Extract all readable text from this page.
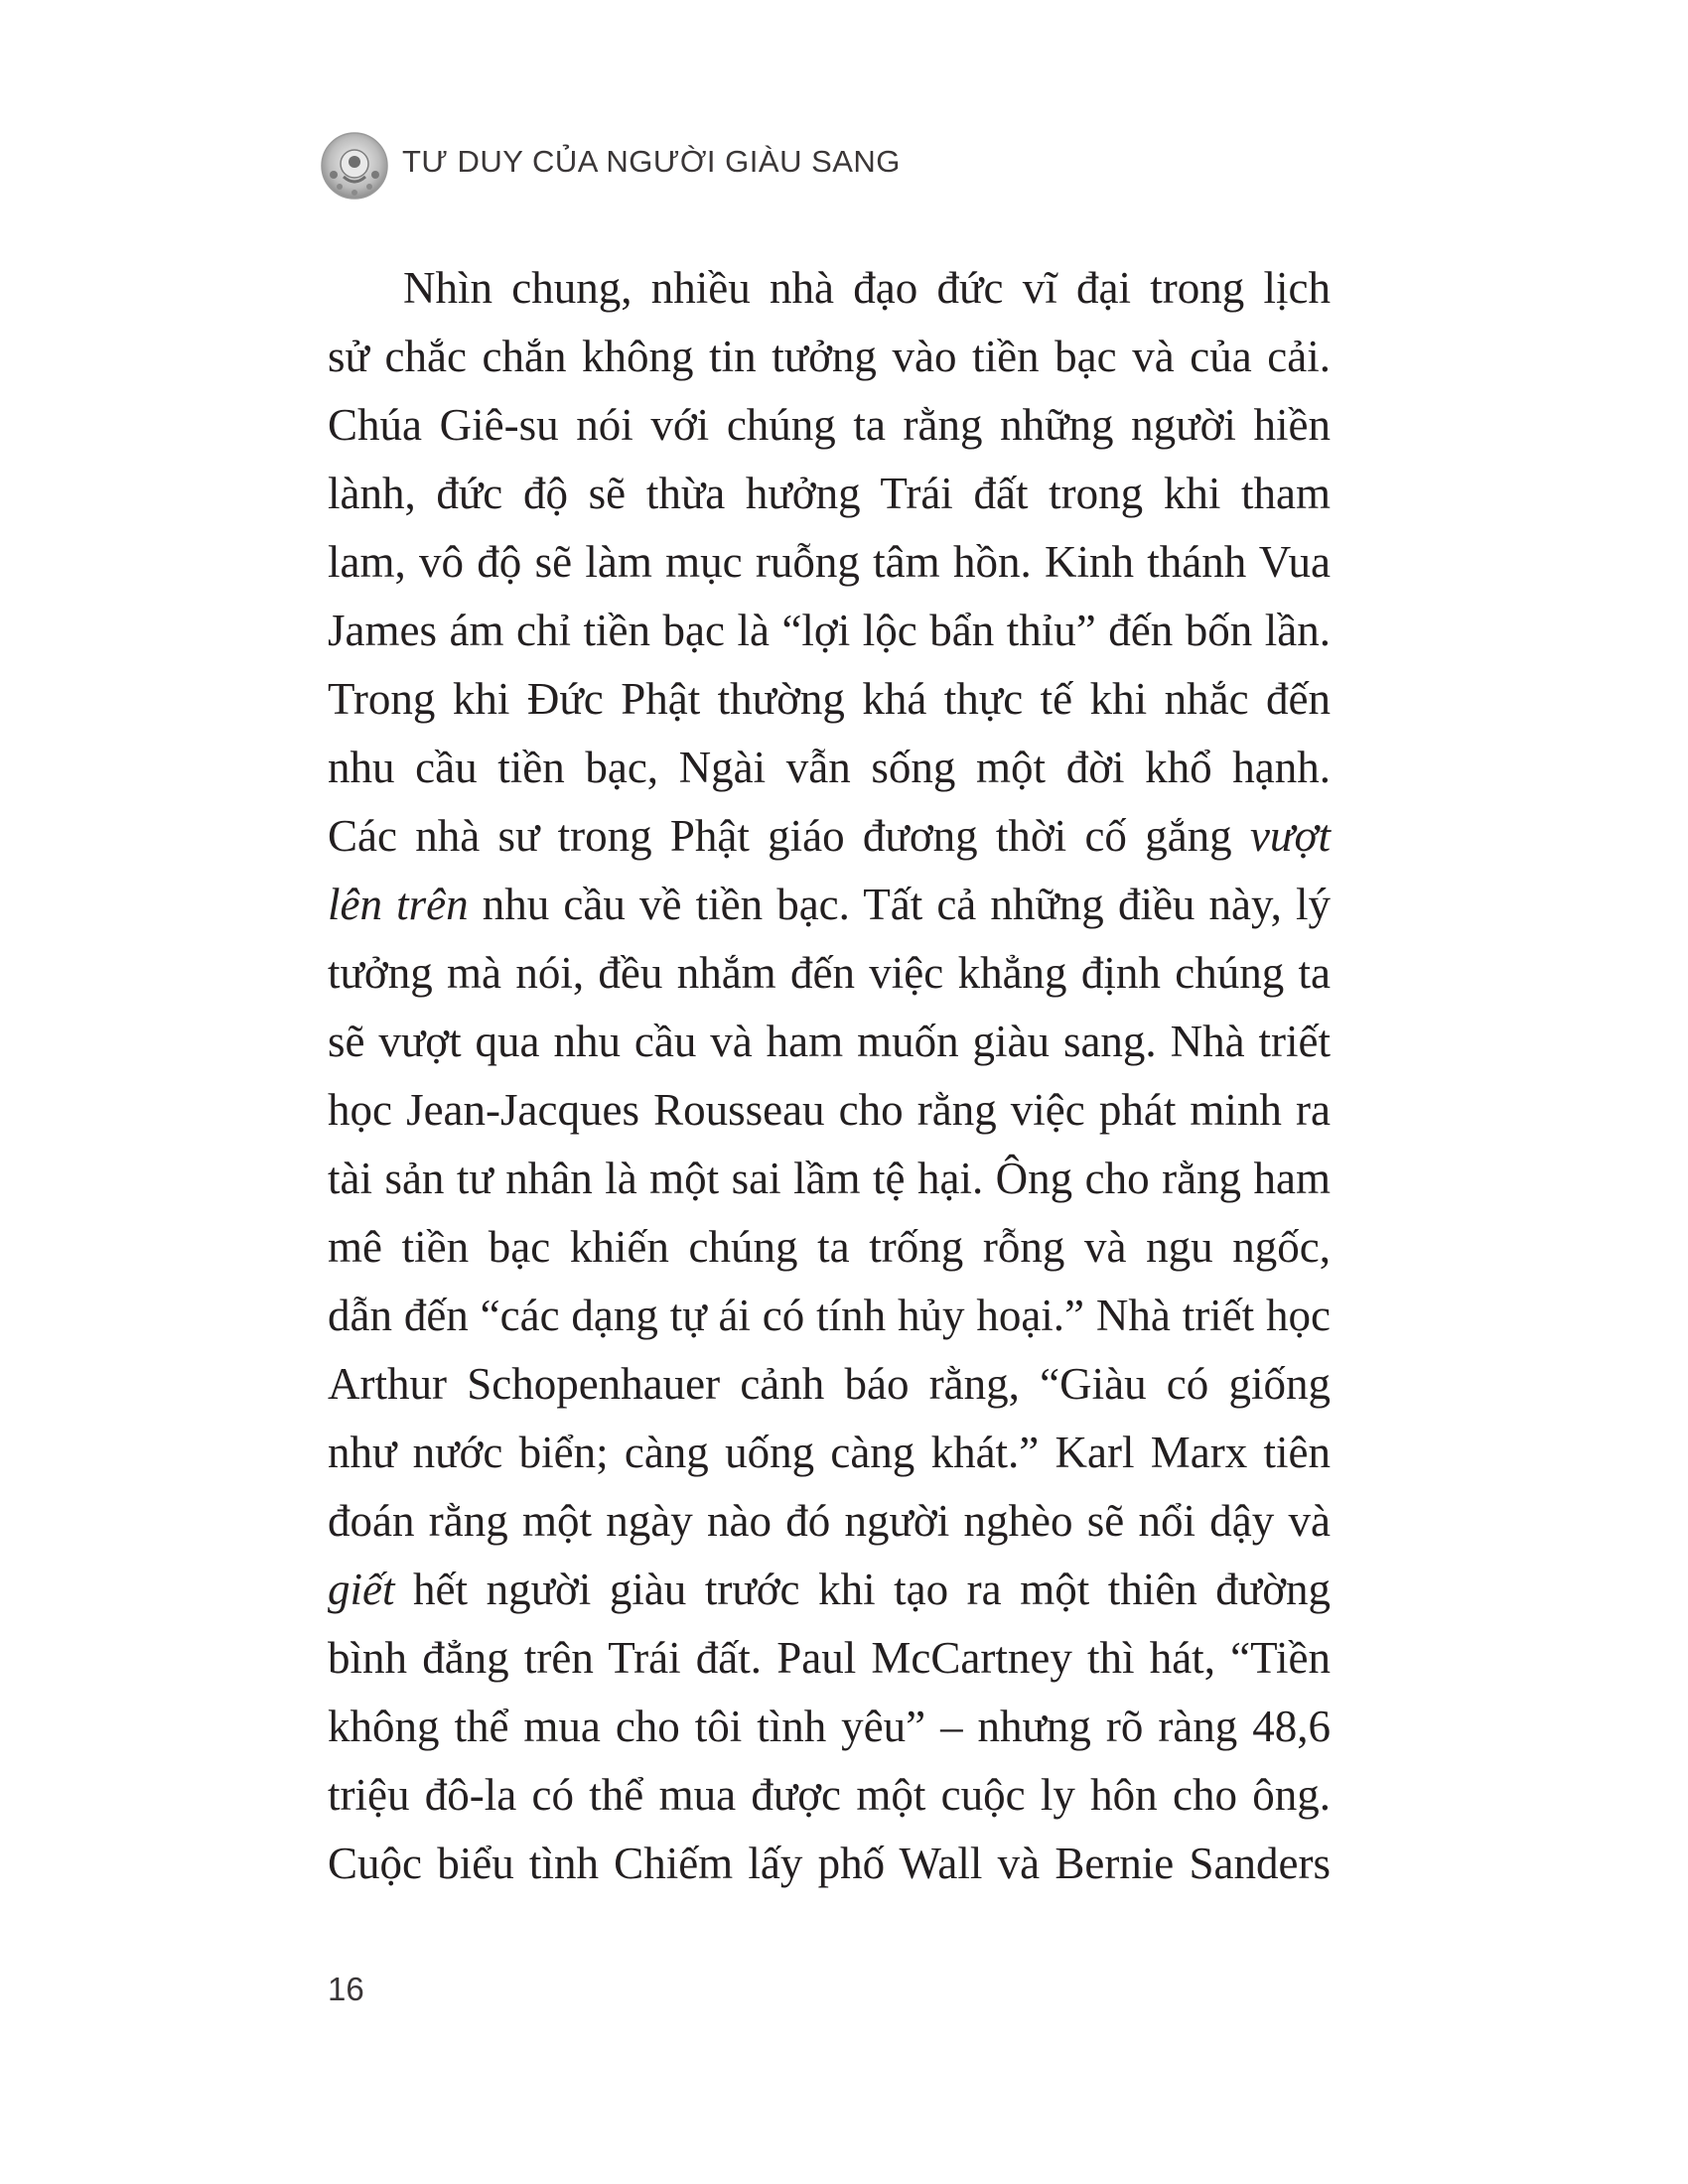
TƯ DUY CỦA NGƯỜI GIÀU SANG
Nhìn chung, nhiều nhà đạo đức vĩ đại trong lịch
sử chắc chắn không tin tưởng vào tiền bạc và của cải.
Chúa Giê-su nói với chúng ta rằng những người hiền
lành, đức độ sẽ thừa hưởng Trái đất trong khi tham
lam, vô độ sẽ làm mục ruỗng tâm hồn. Kinh thánh Vua
James ám chỉ tiền bạc là “lợi lộc bẩn thỉu” đến bốn lần.
Trong khi Đức Phật thường khá thực tế khi nhắc đến
nhu cầu tiền bạc, Ngài vẫn sống một đời khổ hạnh.
Các nhà sư trong Phật giáo đương thời cố gắng vượt
lên trên nhu cầu về tiền bạc. Tất cả những điều này, lý
tưởng mà nói, đều nhắm đến việc khẳng định chúng ta
sẽ vượt qua nhu cầu và ham muốn giàu sang. Nhà triết
học Jean-Jacques Rousseau cho rằng việc phát minh ra
tài sản tư nhân là một sai lầm tệ hại. Ông cho rằng ham
mê tiền bạc khiến chúng ta trống rỗng và ngu ngốc,
dẫn đến “các dạng tự ái có tính hủy hoại.” Nhà triết học
Arthur Schopenhauer cảnh báo rằng, “Giàu có giống
như nước biển; càng uống càng khát.” Karl Marx tiên
đoán rằng một ngày nào đó người nghèo sẽ nổi dậy và
giết hết người giàu trước khi tạo ra một thiên đường
bình đẳng trên Trái đất. Paul McCartney thì hát, “Tiền
không thể mua cho tôi tình yêu” – nhưng rõ ràng 48,6
triệu đô-la có thể mua được một cuộc ly hôn cho ông.
Cuộc biểu tình Chiếm lấy phố Wall và Bernie Sanders
16
